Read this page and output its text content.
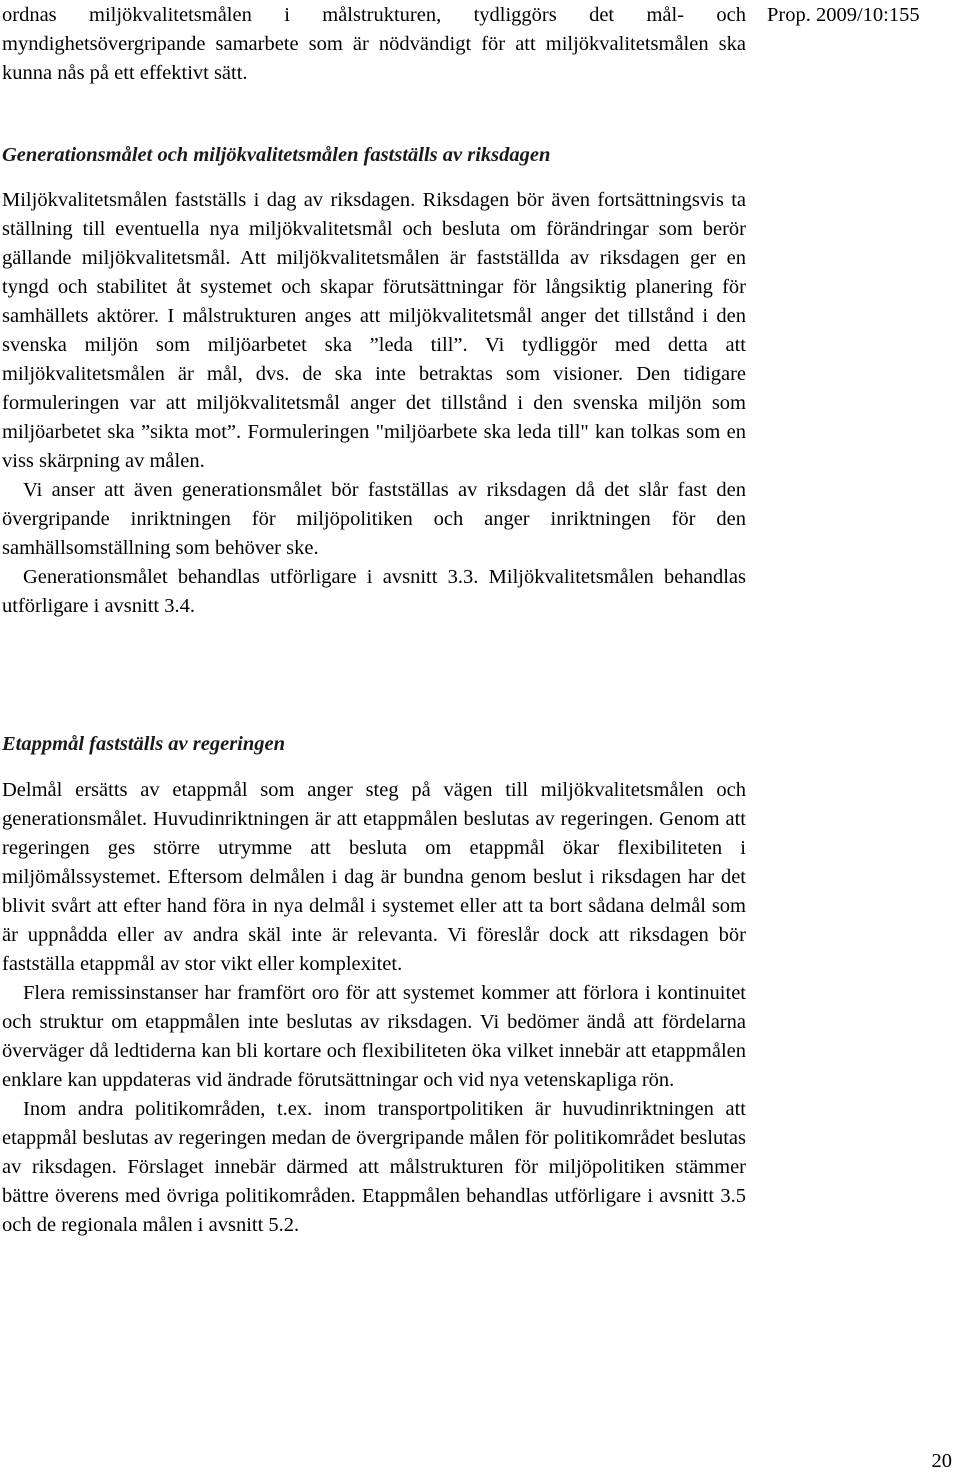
Prop. 2009/10:155

ordnas miljökvalitetsmålen i målstrukturen, tydliggörs det mål- och myndighetsövergripande samarbete som är nödvändigt för att miljökvalitetsmålen ska kunna nås på ett effektivt sätt.

Generationsmålet och miljökvalitetsmålen fastställs av riksdagen

Miljökvalitetsmålen fastställs i dag av riksdagen. Riksdagen bör även fortsättningsvis ta ställning till eventuella nya miljökvalitetsmål och besluta om förändringar som berör gällande miljökvalitetsmål. Att miljökvalitetsmålen är fastställda av riksdagen ger en tyngd och stabilitet åt systemet och skapar förutsättningar för långsiktig planering för samhällets aktörer. I målstrukturen anges att miljökvalitetsmål anger det tillstånd i den svenska miljön som miljöarbetet ska ”leda till”. Vi tydliggör med detta att miljökvalitetsmålen är mål, dvs. de ska inte betraktas som visioner. Den tidigare formuleringen var att miljökvalitetsmål anger det tillstånd i den svenska miljön som miljöarbetet ska ”sikta mot”. Formuleringen "miljöarbete ska leda till" kan tolkas som en viss skärpning av målen.

Vi anser att även generationsmålet bör fastställas av riksdagen då det slår fast den övergripande inriktningen för miljöpolitiken och anger inriktningen för den samhällsomställning som behöver ske.

Generationsmålet behandlas utförligare i avsnitt 3.3. Miljökvalitetsmålen behandlas utförligare i avsnitt 3.4.

Etappmål fastställs av regeringen

Delmål ersätts av etappmål som anger steg på vägen till miljökvalitetsmålen och generationsmålet. Huvudinriktningen är att etappmålen beslutas av regeringen. Genom att regeringen ges större utrymme att besluta om etappmål ökar flexibiliteten i miljömålssystemet. Eftersom delmålen i dag är bundna genom beslut i riksdagen har det blivit svårt att efter hand föra in nya delmål i systemet eller att ta bort sådana delmål som är uppnådda eller av andra skäl inte är relevanta. Vi föreslår dock att riksdagen bör fastställa etappmål av stor vikt eller komplexitet.

Flera remissinstanser har framfört oro för att systemet kommer att förlora i kontinuitet och struktur om etappmålen inte beslutas av riksdagen. Vi bedömer ändå att fördelarna överväger då ledtiderna kan bli kortare och flexibiliteten öka vilket innebär att etappmålen enklare kan uppdateras vid ändrade förutsättningar och vid nya vetenskapliga rön.

Inom andra politikområden, t.ex. inom transportpolitiken är huvudinriktningen att etappmål beslutas av regeringen medan de övergripande målen för politikområdet beslutas av riksdagen. Förslaget innebär därmed att målstrukturen för miljöpolitiken stämmer bättre överens med övriga politikområden. Etappmålen behandlas utförligare i avsnitt 3.5 och de regionala målen i avsnitt 5.2.

20
